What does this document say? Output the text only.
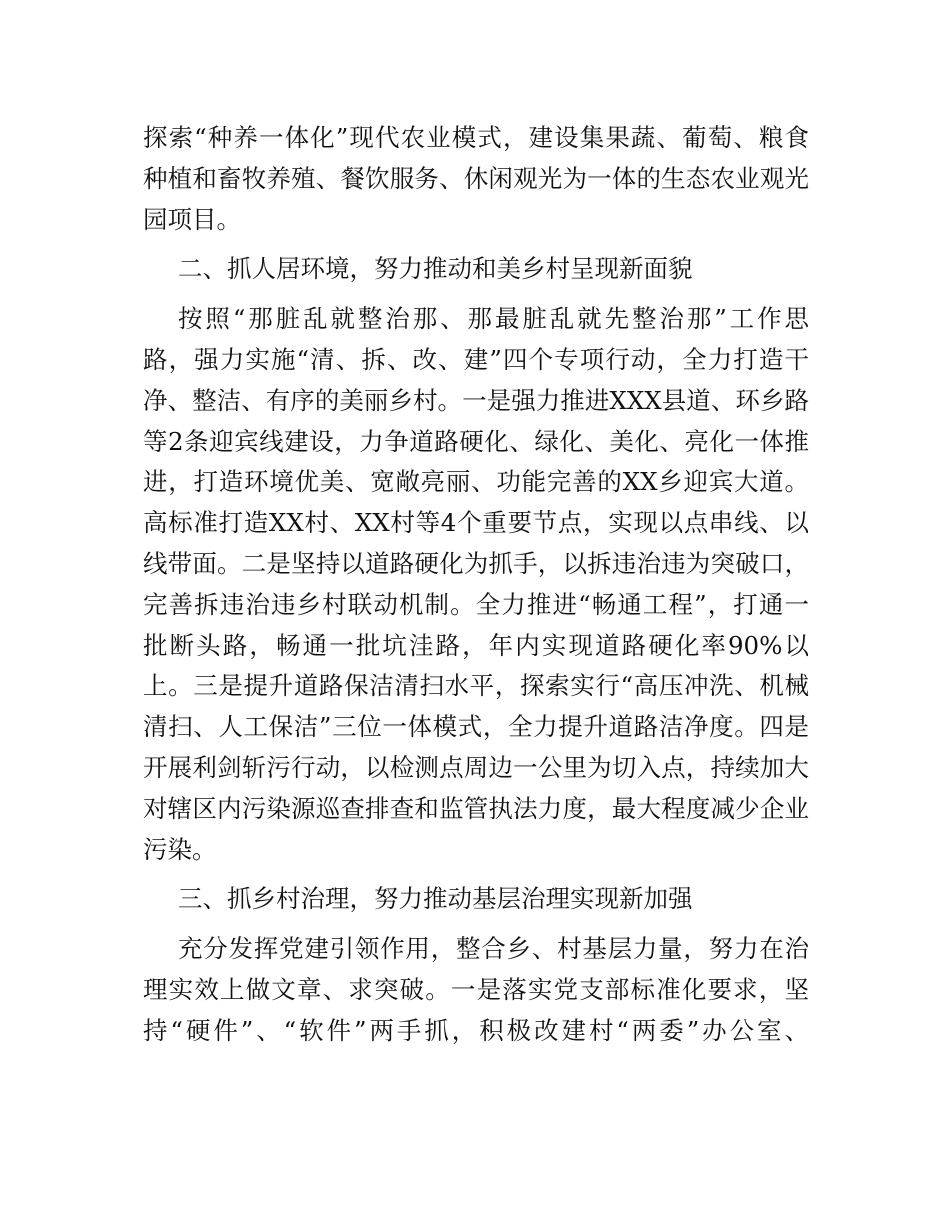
探索“种养一体化”现代农业模式，建设集果蔬、葡萄、粮食
种植和畜牧养殖、餐饮服务、休闲观光为一体的生态农业观光
园项目。
二、抓人居环境，努力推动和美乡村呈现新面貌
按照“那脏乱就整治那、那最脏乱就先整治那”工作思
路，强力实施“清、拆、改、建”四个专项行动，全力打造干
净、整洁、有序的美丽乡村。一是强力推进XXX县道、环乡路
等2条迎宾线建设，力争道路硬化、绿化、美化、亮化一体推
进，打造环境优美、宽敞亮丽、功能完善的XX乡迎宾大道。
高标准打造XX村、XX村等4个重要节点，实现以点串线、以
线带面。二是坚持以道路硬化为抓手，以拆违治违为突破口，
完善拆违治违乡村联动机制。全力推进“畅通工程”，打通一
批断头路，畅通一批坑洼路，年内实现道路硬化率90%以
上。三是提升道路保洁清扫水平，探索实行“高压冲洗、机械
清扫、人工保洁”三位一体模式，全力提升道路洁净度。四是
开展利剑斩污行动，以检测点周边一公里为切入点，持续加大
对辖区内污染源巡查排查和监管执法力度，最大程度减少企业
污染。
三、抓乡村治理，努力推动基层治理实现新加强
充分发挥党建引领作用，整合乡、村基层力量，努力在治
理实效上做文章、求突破。一是落实党支部标准化要求，坚
持“硬件”、“软件”两手抓，积极改建村“两委”办公室、
